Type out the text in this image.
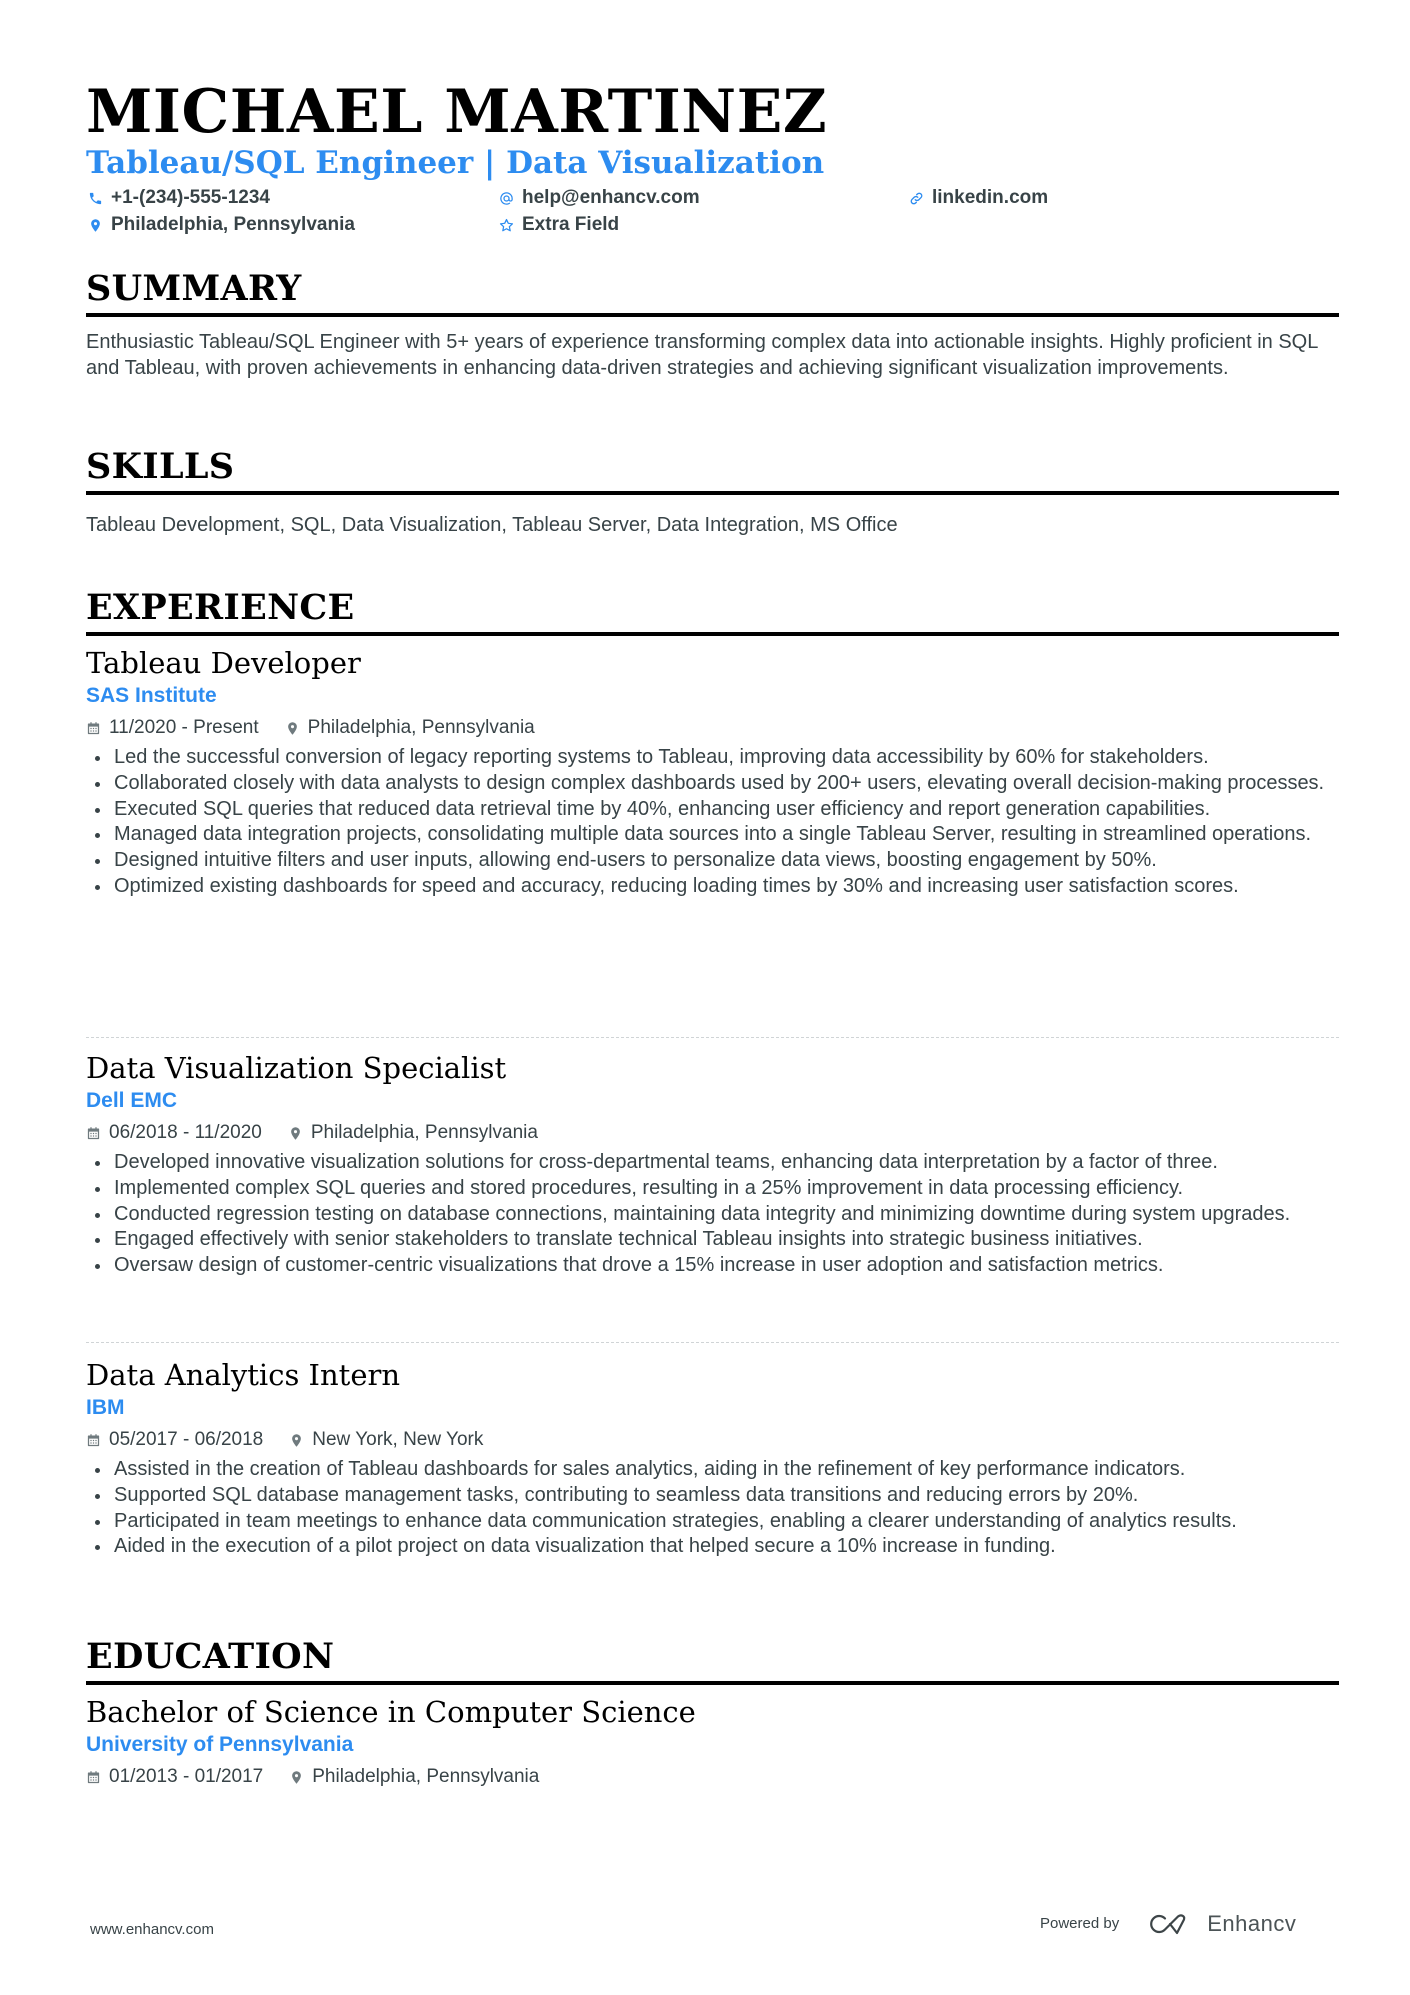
MICHAEL MARTINEZ
Tableau/SQL Engineer | Data Visualization
+1-(234)-555-1234	help@enhancv.com	linkedin.com
Philadelphia, Pennsylvania	Extra Field
SUMMARY
Enthusiastic Tableau/SQL Engineer with 5+ years of experience transforming complex data into actionable insights. Highly proficient in SQL and Tableau, with proven achievements in enhancing data-driven strategies and achieving significant visualization improvements.
SKILLS
Tableau Development, SQL, Data Visualization, Tableau Server, Data Integration, MS Office
EXPERIENCE
Tableau Developer
SAS Institute
11/2020 - Present	Philadelphia, Pennsylvania
Led the successful conversion of legacy reporting systems to Tableau, improving data accessibility by 60% for stakeholders.
Collaborated closely with data analysts to design complex dashboards used by 200+ users, elevating overall decision-making processes.
Executed SQL queries that reduced data retrieval time by 40%, enhancing user efficiency and report generation capabilities.
Managed data integration projects, consolidating multiple data sources into a single Tableau Server, resulting in streamlined operations.
Designed intuitive filters and user inputs, allowing end-users to personalize data views, boosting engagement by 50%.
Optimized existing dashboards for speed and accuracy, reducing loading times by 30% and increasing user satisfaction scores.
Data Visualization Specialist
Dell EMC
06/2018 - 11/2020	Philadelphia, Pennsylvania
Developed innovative visualization solutions for cross-departmental teams, enhancing data interpretation by a factor of three.
Implemented complex SQL queries and stored procedures, resulting in a 25% improvement in data processing efficiency.
Conducted regression testing on database connections, maintaining data integrity and minimizing downtime during system upgrades.
Engaged effectively with senior stakeholders to translate technical Tableau insights into strategic business initiatives.
Oversaw design of customer-centric visualizations that drove a 15% increase in user adoption and satisfaction metrics.
Data Analytics Intern
IBM
05/2017 - 06/2018	New York, New York
Assisted in the creation of Tableau dashboards for sales analytics, aiding in the refinement of key performance indicators.
Supported SQL database management tasks, contributing to seamless data transitions and reducing errors by 20%.
Participated in team meetings to enhance data communication strategies, enabling a clearer understanding of analytics results.
Aided in the execution of a pilot project on data visualization that helped secure a 10% increase in funding.
EDUCATION
Bachelor of Science in Computer Science
University of Pennsylvania
01/2013 - 01/2017	Philadelphia, Pennsylvania
www.enhancv.com	Powered by	Enhancv
